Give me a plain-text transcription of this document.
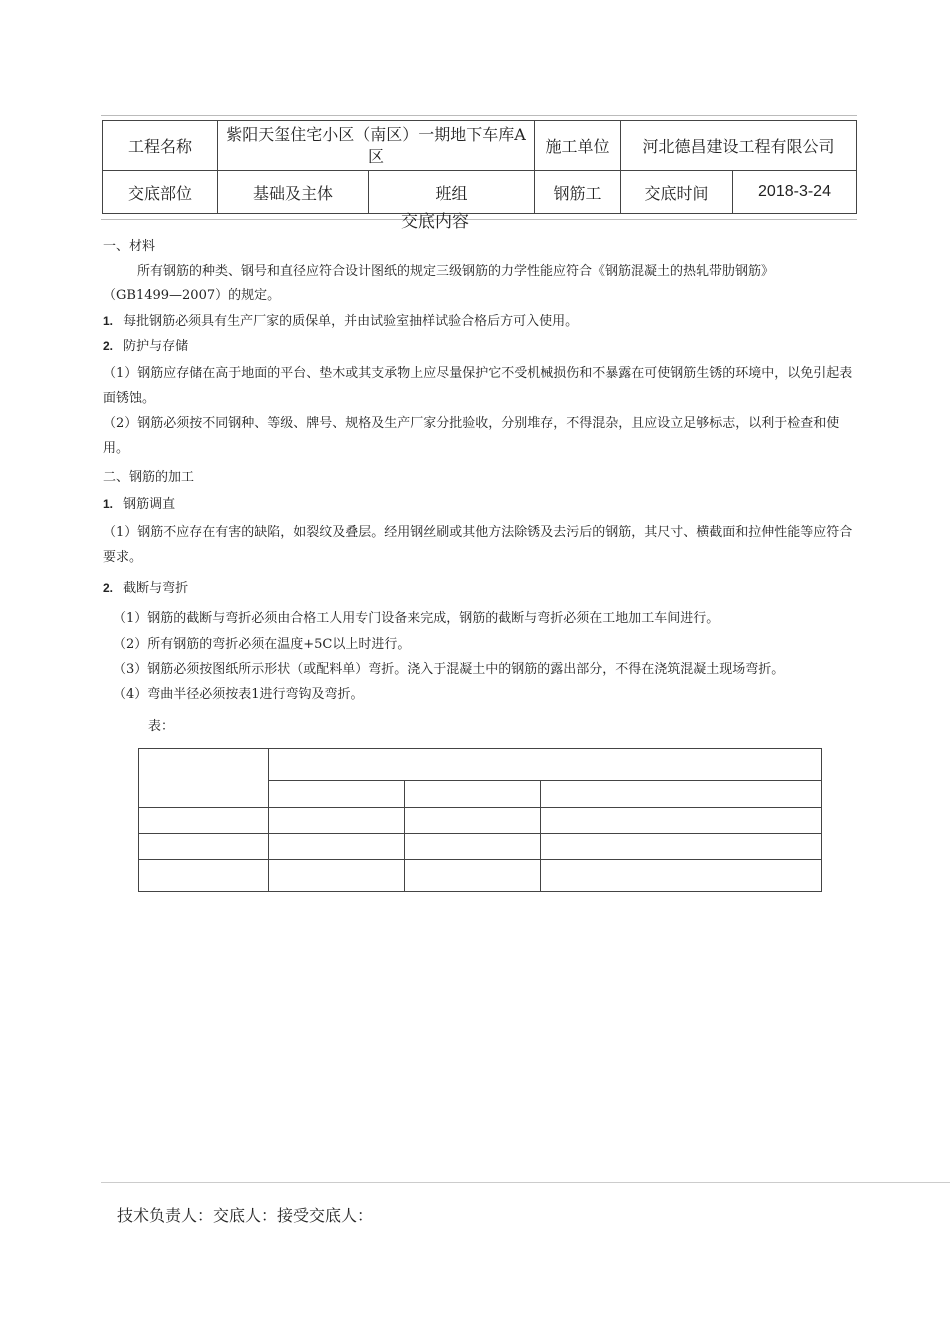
工程名称	紫阳天玺住宅小区（南区）一期地下车库A区		施工单位	河北德昌建设工程有限公司	
交底部位	基础及主体	班组	钢筋工	交底时间	2018-3-24
交底内容
一、材料
所有钢筋的种类、钢号和直径应符合设计图纸的规定三级钢筋的力学性能应符合《钢筋混凝土的热轧带肋钢筋》
（GB1499—2007）的规定。
1. 每批钢筋必须具有生产厂家的质保单，并由试验室抽样试验合格后方可入使用。
2. 防护与存储
（1）钢筋应存储在高于地面的平台、垫木或其支承物上应尽量保护它不受机械损伤和不暴露在可使钢筋生锈的环境中，以免引起表面锈蚀。
（2）钢筋必须按不同钢种、等级、牌号、规格及生产厂家分批验收，分别堆存，不得混杂，且应设立足够标志，以利于检查和使用。
二、钢筋的加工
1. 钢筋调直
（1）钢筋不应存在有害的缺陷，如裂纹及叠层。经用钢丝刷或其他方法除锈及去污后的钢筋，其尺寸、横截面和拉伸性能等应符合要求。
2. 截断与弯折
（1）钢筋的截断与弯折必须由合格工人用专门设备来完成，钢筋的截断与弯折必须在工地加工车间进行。
（2）所有钢筋的弯折必须在温度+5C以上时进行。
（3）钢筋必须按图纸所示形状（或配料单）弯折。浇入于混凝土中的钢筋的露出部分，不得在浇筑混凝土现场弯折。
（4）弯曲半径必须按表1进行弯钩及弯折。
表：

技术负责人：交底人：接受交底人：
